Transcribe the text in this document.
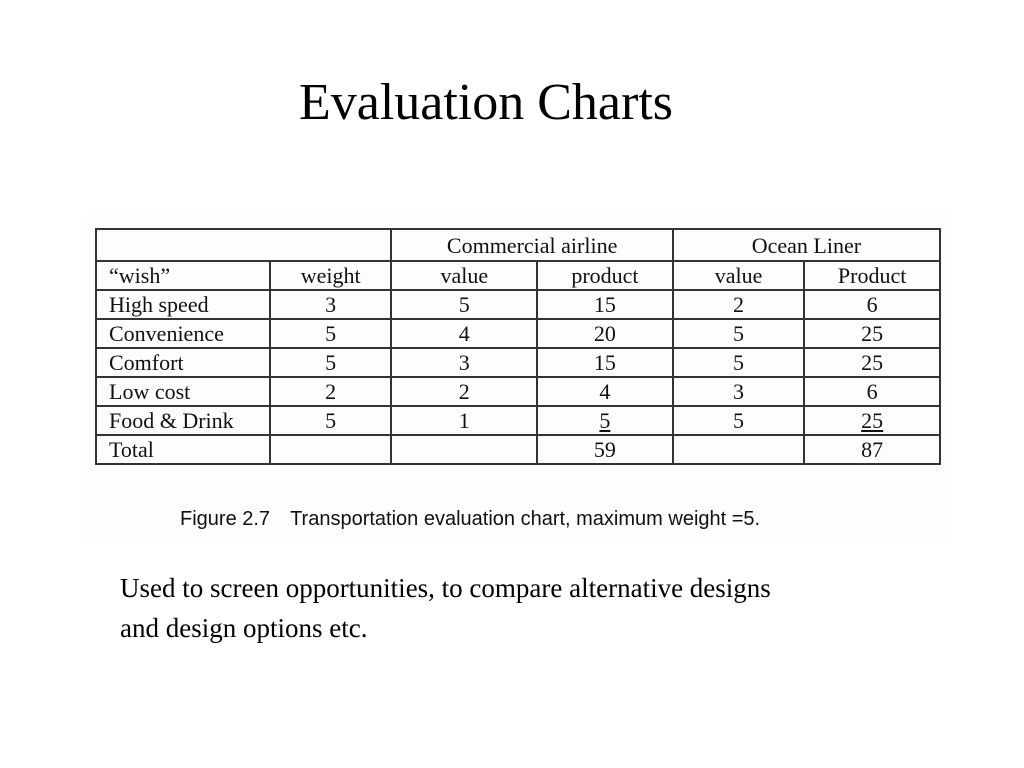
Evaluation Charts
		Commercial airline		Ocean Liner	
“wish”	weight	value	product	value	Product
High speed	3	5	15	2	6
Convenience	5	4	20	5	25
Comfort	5	3	15	5	25
Low cost	2	2	4	3	6
Food & Drink	5	1	5	5	25
Total			59		87
Figure 2.7 Transportation evaluation chart, maximum weight =5.
Used to screen opportunities, to compare alternative designs
and design options etc.
